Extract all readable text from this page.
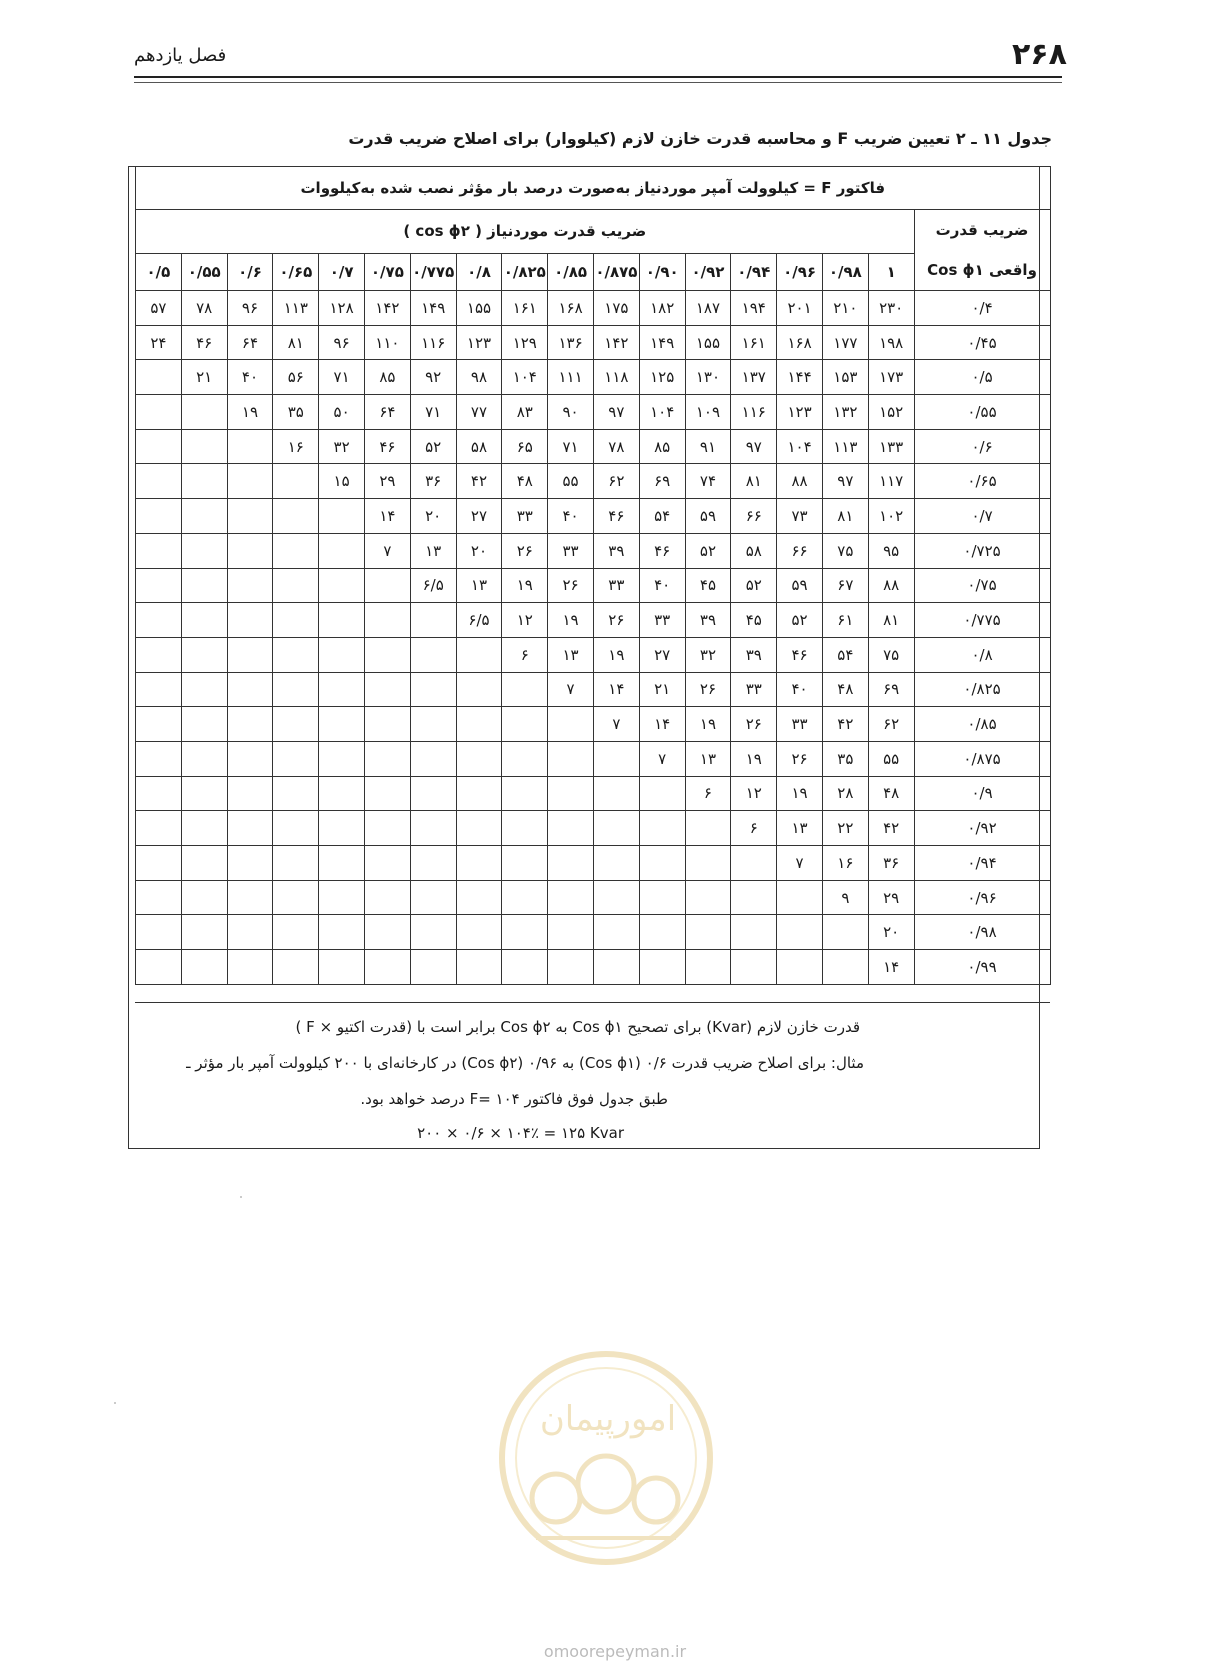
۲۶۸
فصل یازدهم
جدول ۱۱ ـ ۲ تعیین ضریب F و محاسبه قدرت خازن لازم (کیلووار) برای اصلاح ضریب قدرت
فاکتور F = کیلوولت آمپر موردنیاز به‌صورت درصد بار مؤثر نصب شده به‌کیلووات																	

ضریب قدرت
واقعی Cos ϕ۱	ضریب قدرت موردنیاز ( cos ϕ۲ )																
	۱	۰/۹۸	۰/۹۶	۰/۹۴	۰/۹۲	۰/۹۰	۰/۸۷۵	۰/۸۵	۰/۸۲۵	۰/۸	۰/۷۷۵	۰/۷۵	۰/۷	۰/۶۵	۰/۶	۰/۵۵	۰/۵
۰/۴	۲۳۰	۲۱۰	۲۰۱	۱۹۴	۱۸۷	۱۸۲	۱۷۵	۱۶۸	۱۶۱	۱۵۵	۱۴۹	۱۴۲	۱۲۸	۱۱۳	۹۶	۷۸	۵۷
۰/۴۵	۱۹۸	۱۷۷	۱۶۸	۱۶۱	۱۵۵	۱۴۹	۱۴۲	۱۳۶	۱۲۹	۱۲۳	۱۱۶	۱۱۰	۹۶	۸۱	۶۴	۴۶	۲۴
۰/۵	۱۷۳	۱۵۳	۱۴۴	۱۳۷	۱۳۰	۱۲۵	۱۱۸	۱۱۱	۱۰۴	۹۸	۹۲	۸۵	۷۱	۵۶	۴۰	۲۱	
۰/۵۵	۱۵۲	۱۳۲	۱۲۳	۱۱۶	۱۰۹	۱۰۴	۹۷	۹۰	۸۳	۷۷	۷۱	۶۴	۵۰	۳۵	۱۹		
۰/۶	۱۳۳	۱۱۳	۱۰۴	۹۷	۹۱	۸۵	۷۸	۷۱	۶۵	۵۸	۵۲	۴۶	۳۲	۱۶			
۰/۶۵	۱۱۷	۹۷	۸۸	۸۱	۷۴	۶۹	۶۲	۵۵	۴۸	۴۲	۳۶	۲۹	۱۵				
۰/۷	۱۰۲	۸۱	۷۳	۶۶	۵۹	۵۴	۴۶	۴۰	۳۳	۲۷	۲۰	۱۴					
۰/۷۲۵	۹۵	۷۵	۶۶	۵۸	۵۲	۴۶	۳۹	۳۳	۲۶	۲۰	۱۳	۷					
۰/۷۵	۸۸	۶۷	۵۹	۵۲	۴۵	۴۰	۳۳	۲۶	۱۹	۱۳	۶/۵						
۰/۷۷۵	۸۱	۶۱	۵۲	۴۵	۳۹	۳۳	۲۶	۱۹	۱۲	۶/۵							
۰/۸	۷۵	۵۴	۴۶	۳۹	۳۲	۲۷	۱۹	۱۳	۶								
۰/۸۲۵	۶۹	۴۸	۴۰	۳۳	۲۶	۲۱	۱۴	۷									
۰/۸۵	۶۲	۴۲	۳۳	۲۶	۱۹	۱۴	۷										
۰/۸۷۵	۵۵	۳۵	۲۶	۱۹	۱۳	۷											
۰/۹	۴۸	۲۸	۱۹	۱۲	۶												
۰/۹۲	۴۲	۲۲	۱۳	۶													
۰/۹۴	۳۶	۱۶	۷														
۰/۹۶	۲۹	۹															
۰/۹۸	۲۰																
۰/۹۹	۱۴																
قدرت خازن لازم (Kvar) برای تصحیح Cos ϕ۱ به Cos ϕ۲ برابر است با (قدرت اکتیو × F )
مثال: برای اصلاح ضریب قدرت ۰/۶ (Cos ϕ۱) به ۰/۹۶ (Cos ϕ۲) در کارخانه‌ای با ۲۰۰ کیلوولت آمپر بار مؤثر ـ
طبق جدول فوق فاکتور F= ۱۰۴ درصد خواهد بود.
۲۰۰ × ۰/۶ × ۱۰۴٪ = ۱۲۵ Kvar
امورپیمان
omoorepeyman.ir
